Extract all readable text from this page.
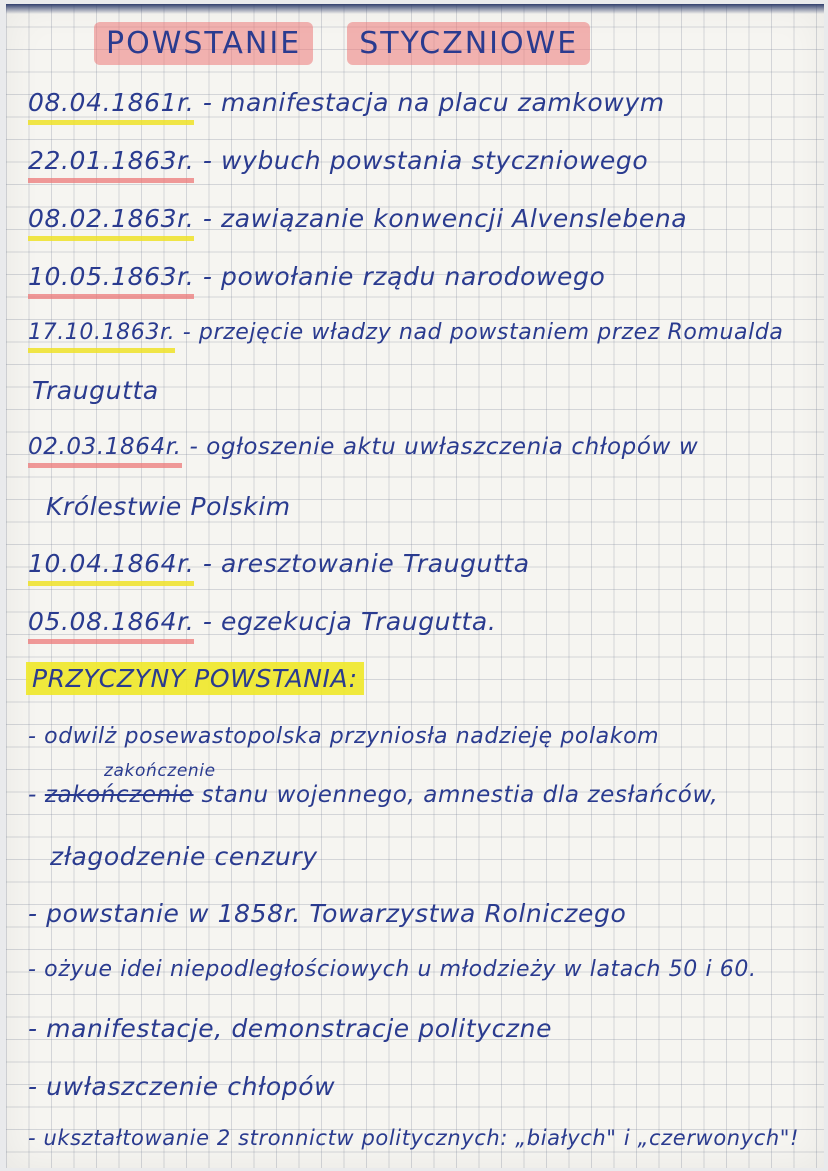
POWSTANIE STYCZNIOWE
08.04.1861r. - manifestacja na placu zamkowym
22.01.1863r. - wybuch powstania styczniowego
08.02.1863r. - zawiązanie konwencji Alvenslebena
10.05.1863r. - powołanie rządu narodowego
17.10.1863r. - przejęcie władzy nad powstaniem przez Romualda
Traugutta
02.03.1864r. - ogłoszenie aktu uwłaszczenia chłopów w
Królestwie Polskim
10.04.1864r. - aresztowanie Traugutta
05.08.1864r. - egzekucja Traugutta.
PRZYCZYNY POWSTANIA:
- odwilż posewastopolska przyniosła nadzieję polakom
zakończenie
- zakończenie stanu wojennego, amnestia dla zesłańców,
złagodzenie cenzury
- powstanie w 1858r. Towarzystwa Rolniczego
- ożyue idei niepodległościowych u młodzieży w latach 50 i 60.
- manifestacje, demonstracje polityczne
- uwłaszczenie chłopów
- ukształtowanie 2 stronnictw politycznych: „białych" i „czerwonych"!
